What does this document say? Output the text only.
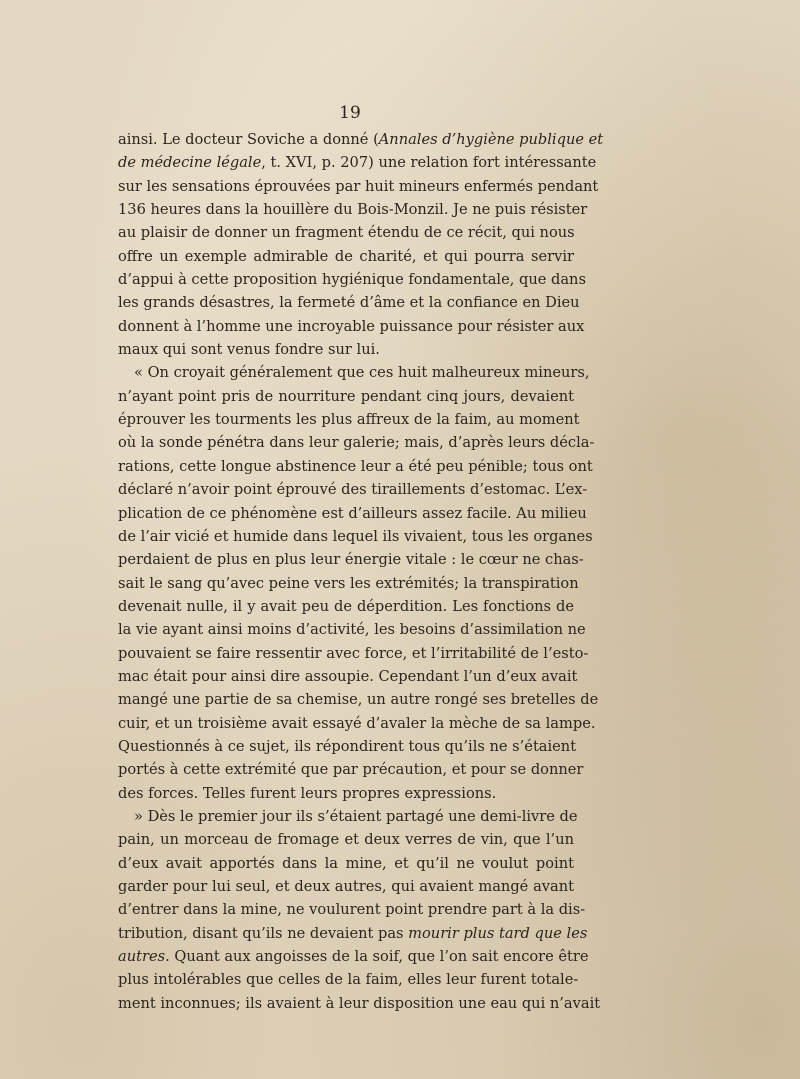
19
ainsi. Le docteur Soviche a donné (Annales d’hygiène publique et
de médecine légale, t. XVI, p. 207) une relation fort intéressante
sur les sensations éprouvées par huit mineurs enfermés pendant
136 heures dans la houillère du Bois-Monzil. Je ne puis résister
au plaisir de donner un fragment étendu de ce récit, qui nous
offre un exemple admirable de charité, et qui pourra servir
d’appui à cette proposition hygiénique fondamentale, que dans
les grands désastres, la fermeté d’âme et la confiance en Dieu
donnent à l’homme une incroyable puissance pour résister aux
maux qui sont venus fondre sur lui.
« On croyait généralement que ces huit malheureux mineurs,
n’ayant point pris de nourriture pendant cinq jours, devaient
éprouver les tourments les plus affreux de la faim, au moment
où la sonde pénétra dans leur galerie; mais, d’après leurs décla-
rations, cette longue abstinence leur a été peu pénible; tous ont
déclaré n’avoir point éprouvé des tiraillements d’estomac. L’ex-
plication de ce phénomène est d’ailleurs assez facile. Au milieu
de l’air vicié et humide dans lequel ils vivaient, tous les organes
perdaient de plus en plus leur énergie vitale : le cœur ne chas-
sait le sang qu’avec peine vers les extrémités; la transpiration
devenait nulle, il y avait peu de déperdition. Les fonctions de
la vie ayant ainsi moins d’activité, les besoins d’assimilation ne
pouvaient se faire ressentir avec force, et l’irritabilité de l’esto-
mac était pour ainsi dire assoupie. Cependant l’un d’eux avait
mangé une partie de sa chemise, un autre rongé ses bretelles de
cuir, et un troisième avait essayé d’avaler la mèche de sa lampe.
Questionnés à ce sujet, ils répondirent tous qu’ils ne s’étaient
portés à cette extrémité que par précaution, et pour se donner
des forces. Telles furent leurs propres expressions.
» Dès le premier jour ils s’étaient partagé une demi-livre de
pain, un morceau de fromage et deux verres de vin, que l’un
d’eux avait apportés dans la mine, et qu’il ne voulut point
garder pour lui seul, et deux autres, qui avaient mangé avant
d’entrer dans la mine, ne voulurent point prendre part à la dis-
tribution, disant qu’ils ne devaient pas mourir plus tard que les
autres. Quant aux angoisses de la soif, que l’on sait encore être
plus intolérables que celles de la faim, elles leur furent totale-
ment inconnues; ils avaient à leur disposition une eau qui n’avait
